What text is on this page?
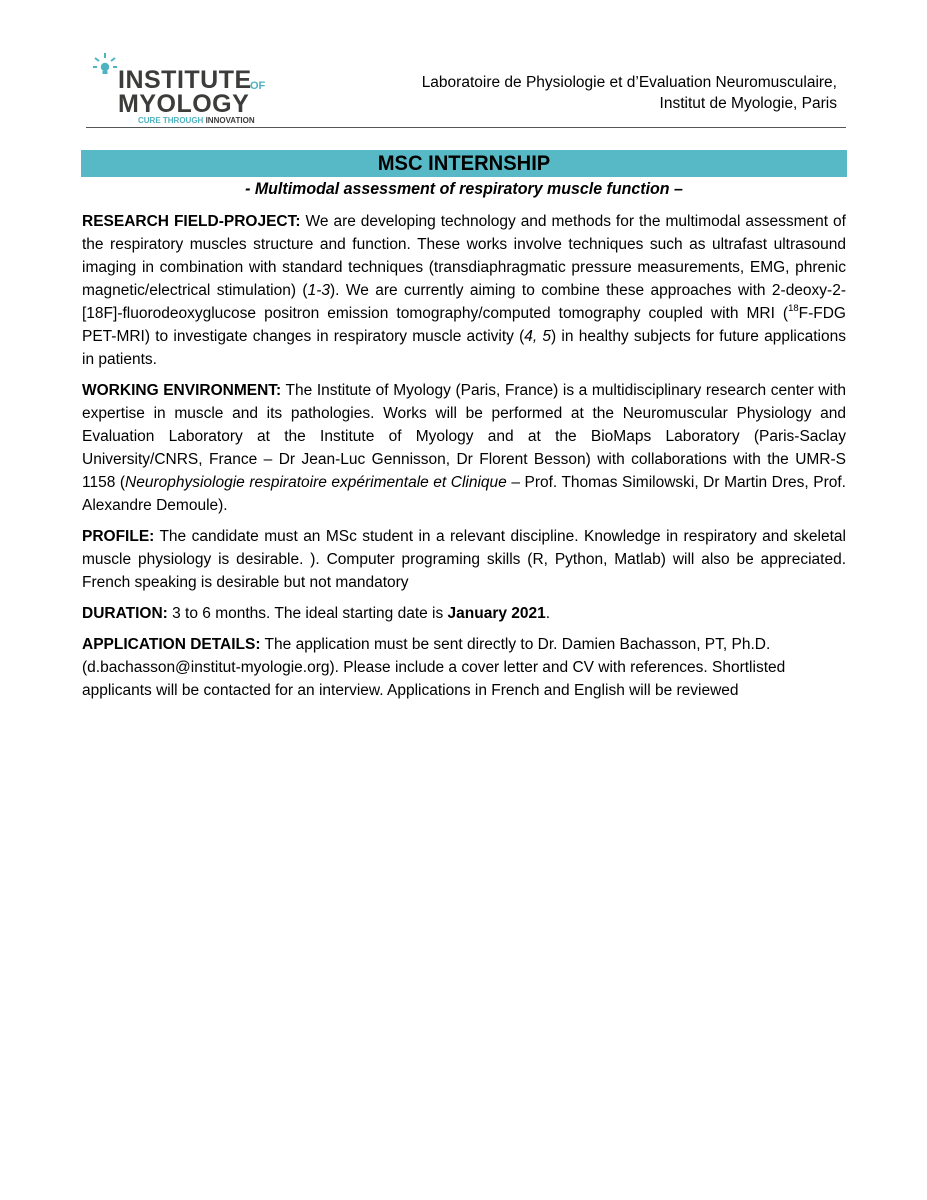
INSTITUTE
OF
MYOLOGY
CURE THROUGH INNOVATION
Laboratoire de Physiologie et d’Evaluation Neuromusculaire,
Institut de Myologie, Paris
MSC INTERNSHIP
- Multimodal assessment of respiratory muscle function –

RESEARCH FIELD-PROJECT: We are developing technology and methods for the multimodal assessment of the respiratory muscles structure and function. These works involve techniques such as ultrafast ultrasound imaging in combination with standard techniques (transdiaphragmatic pressure measurements, EMG, phrenic magnetic/electrical stimulation) (1-3). We are currently aiming to combine these approaches with 2-deoxy-2-[18F]-fluorodeoxyglucose positron emission tomography/computed tomography coupled with MRI ($^{18}$F-FDG PET-MRI) to investigate changes in respiratory muscle activity (4, 5) in healthy subjects for future applications in patients.

WORKING ENVIRONMENT: The Institute of Myology (Paris, France) is a multidisciplinary research center with expertise in muscle and its pathologies. Works will be performed at the Neuromuscular Physiology and Evaluation Laboratory at the Institute of Myology and at the BioMaps Laboratory (Paris-Saclay University/CNRS, France – Dr Jean-Luc Gennisson, Dr Florent Besson) with collaborations with the UMR-S 1158 (Neurophysiologie respiratoire expérimentale et Clinique – Prof. Thomas Similowski, Dr Martin Dres, Prof. Alexandre Demoule).

PROFILE: The candidate must an MSc student in a relevant discipline. Knowledge in respiratory and skeletal muscle physiology is desirable. ). Computer programing skills (R, Python, Matlab) will also be appreciated. French speaking is desirable but not mandatory

DURATION: 3 to 6 months. The ideal starting date is January 2021.

APPLICATION DETAILS: The application must be sent directly to Dr. Damien Bachasson, PT, Ph.D. (d.bachasson@institut-myologie.org). Please include a cover letter and CV with references. Shortlisted applicants will be contacted for an interview. Applications in French and English will be reviewed
